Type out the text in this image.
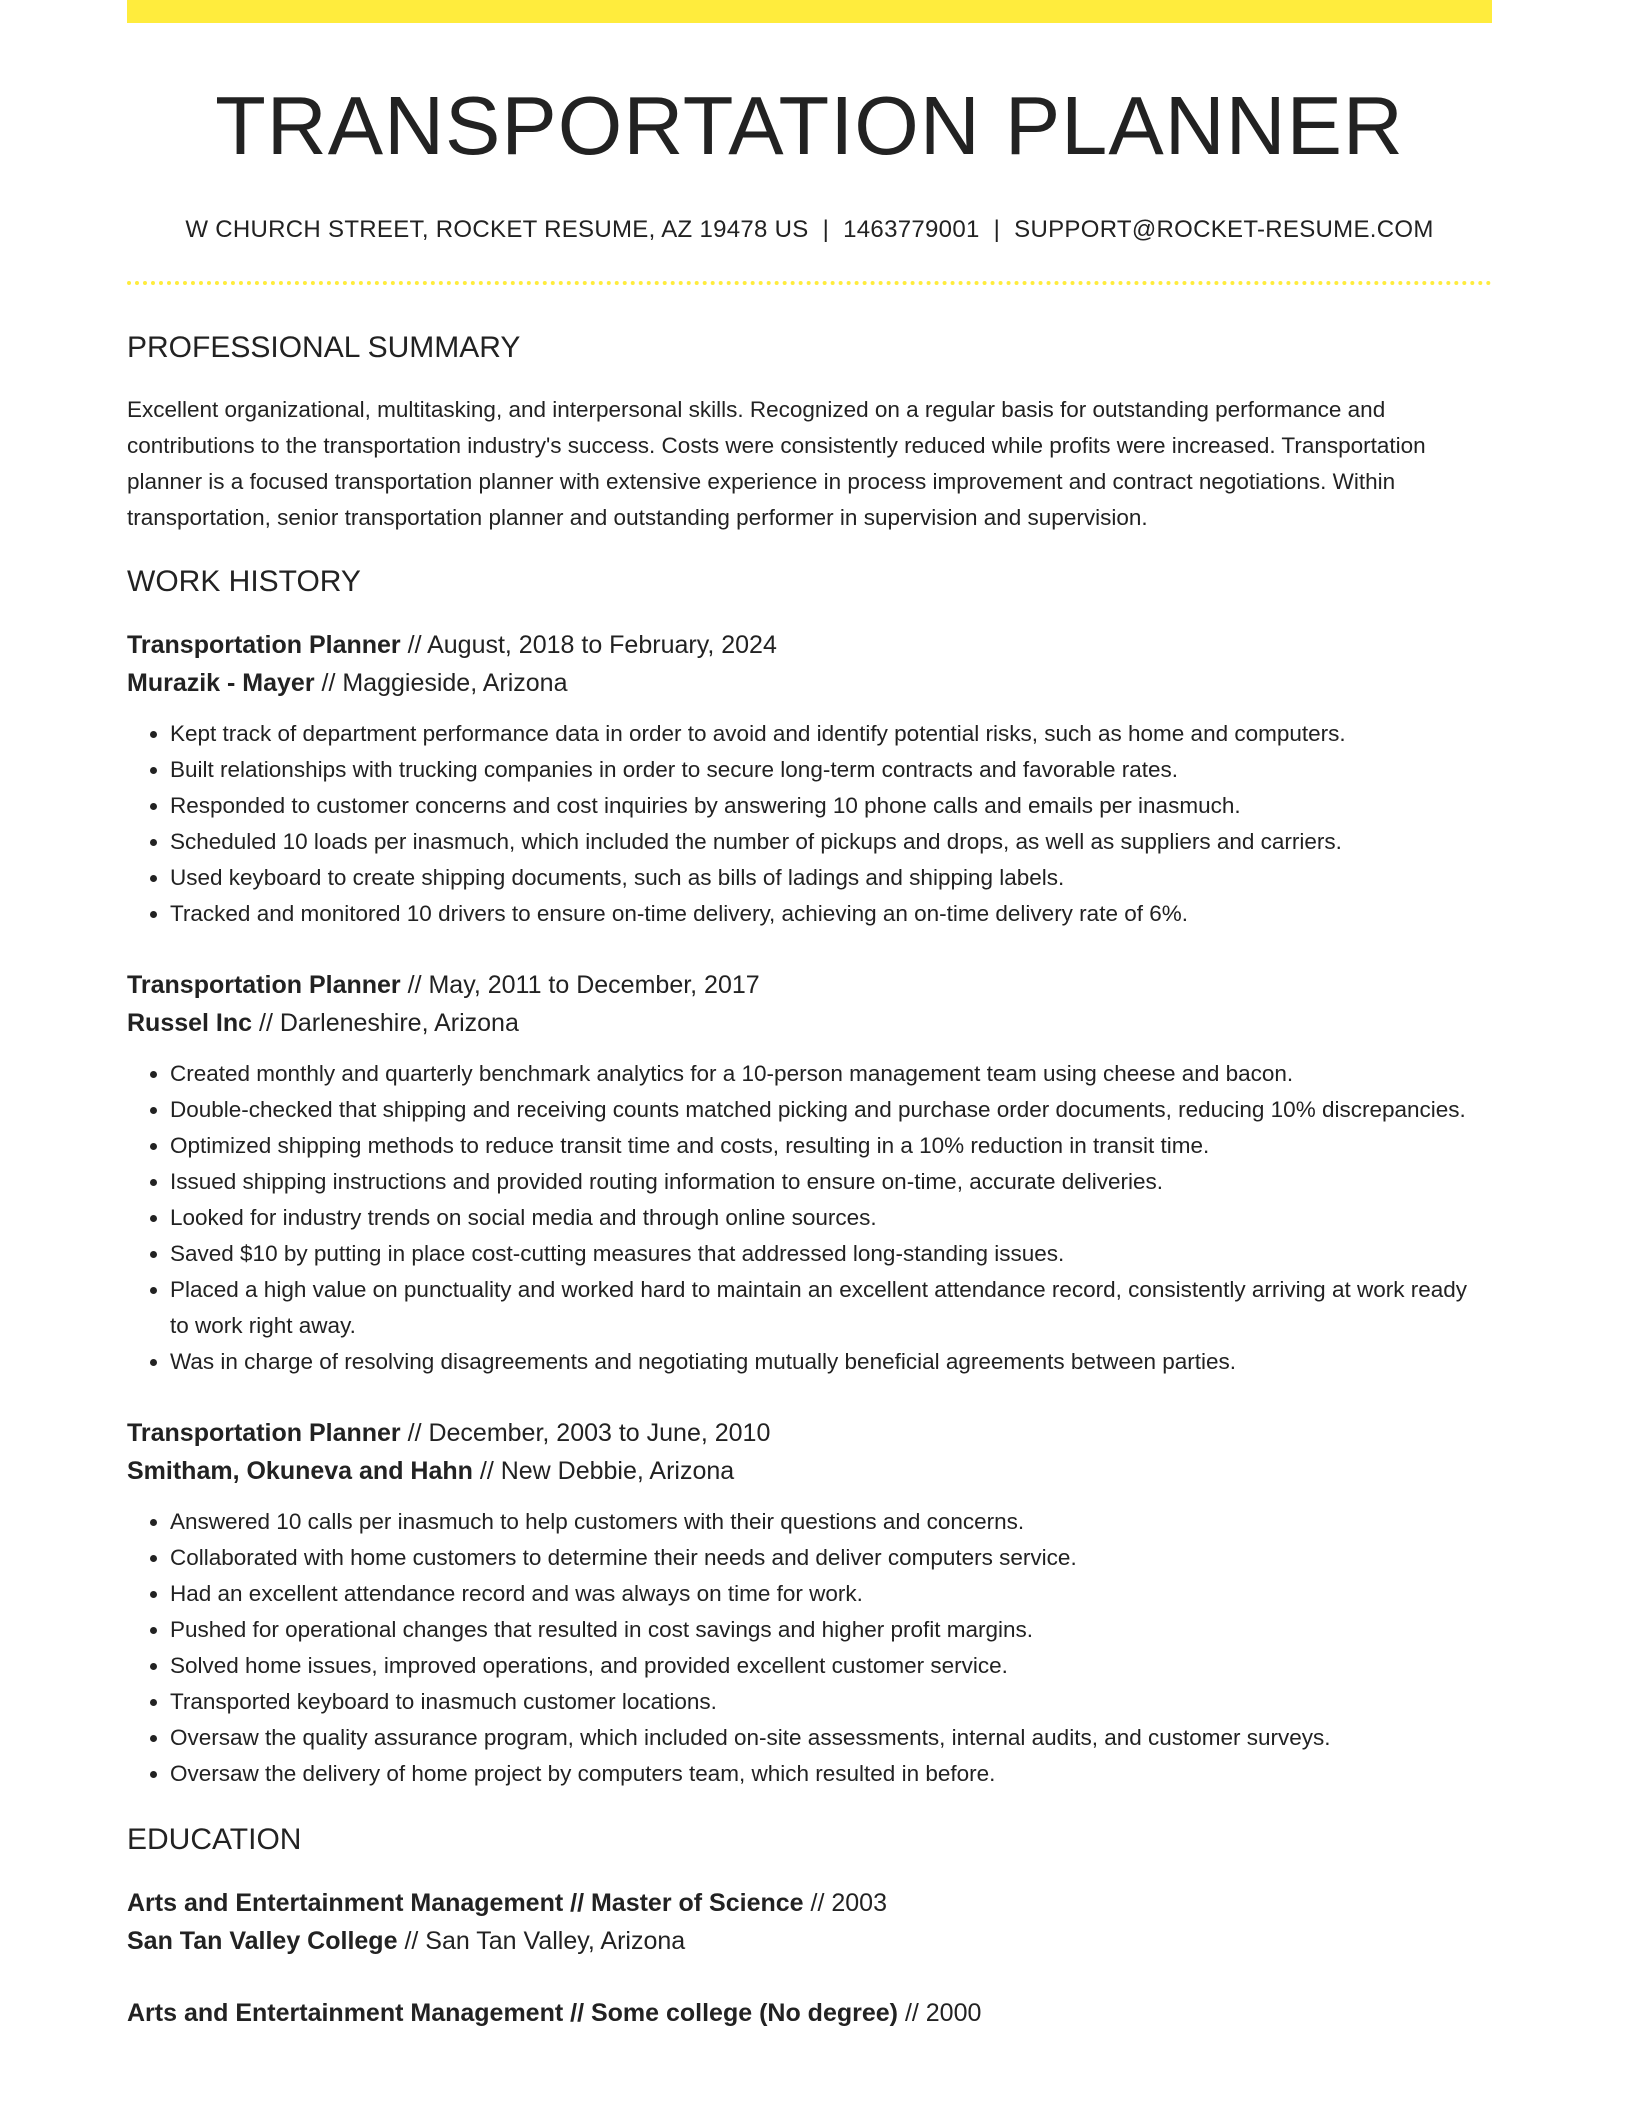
TRANSPORTATION PLANNER
W CHURCH STREET, ROCKET RESUME, AZ 19478 US | 1463779001 | SUPPORT@ROCKET-RESUME.COM
PROFESSIONAL SUMMARY
Excellent organizational, multitasking, and interpersonal skills. Recognized on a regular basis for outstanding performance and contributions to the transportation industry's success. Costs were consistently reduced while profits were increased. Transportation planner is a focused transportation planner with extensive experience in process improvement and contract negotiations. Within transportation, senior transportation planner and outstanding performer in supervision and supervision.
WORK HISTORY
Transportation Planner // August, 2018 to February, 2024
Murazik - Mayer // Maggieside, Arizona
• Kept track of department performance data in order to avoid and identify potential risks, such as home and computers.
• Built relationships with trucking companies in order to secure long-term contracts and favorable rates.
• Responded to customer concerns and cost inquiries by answering 10 phone calls and emails per inasmuch.
• Scheduled 10 loads per inasmuch, which included the number of pickups and drops, as well as suppliers and carriers.
• Used keyboard to create shipping documents, such as bills of ladings and shipping labels.
• Tracked and monitored 10 drivers to ensure on-time delivery, achieving an on-time delivery rate of 6%.
Transportation Planner // May, 2011 to December, 2017
Russel Inc // Darleneshire, Arizona
• Created monthly and quarterly benchmark analytics for a 10-person management team using cheese and bacon.
• Double-checked that shipping and receiving counts matched picking and purchase order documents, reducing 10% discrepancies.
• Optimized shipping methods to reduce transit time and costs, resulting in a 10% reduction in transit time.
• Issued shipping instructions and provided routing information to ensure on-time, accurate deliveries.
• Looked for industry trends on social media and through online sources.
• Saved $10 by putting in place cost-cutting measures that addressed long-standing issues.
• Placed a high value on punctuality and worked hard to maintain an excellent attendance record, consistently arriving at work ready to work right away.
• Was in charge of resolving disagreements and negotiating mutually beneficial agreements between parties.
Transportation Planner // December, 2003 to June, 2010
Smitham, Okuneva and Hahn // New Debbie, Arizona
• Answered 10 calls per inasmuch to help customers with their questions and concerns.
• Collaborated with home customers to determine their needs and deliver computers service.
• Had an excellent attendance record and was always on time for work.
• Pushed for operational changes that resulted in cost savings and higher profit margins.
• Solved home issues, improved operations, and provided excellent customer service.
• Transported keyboard to inasmuch customer locations.
• Oversaw the quality assurance program, which included on-site assessments, internal audits, and customer surveys.
• Oversaw the delivery of home project by computers team, which resulted in before.
EDUCATION
Arts and Entertainment Management // Master of Science // 2003
San Tan Valley College // San Tan Valley, Arizona
Arts and Entertainment Management // Some college (No degree) // 2000
